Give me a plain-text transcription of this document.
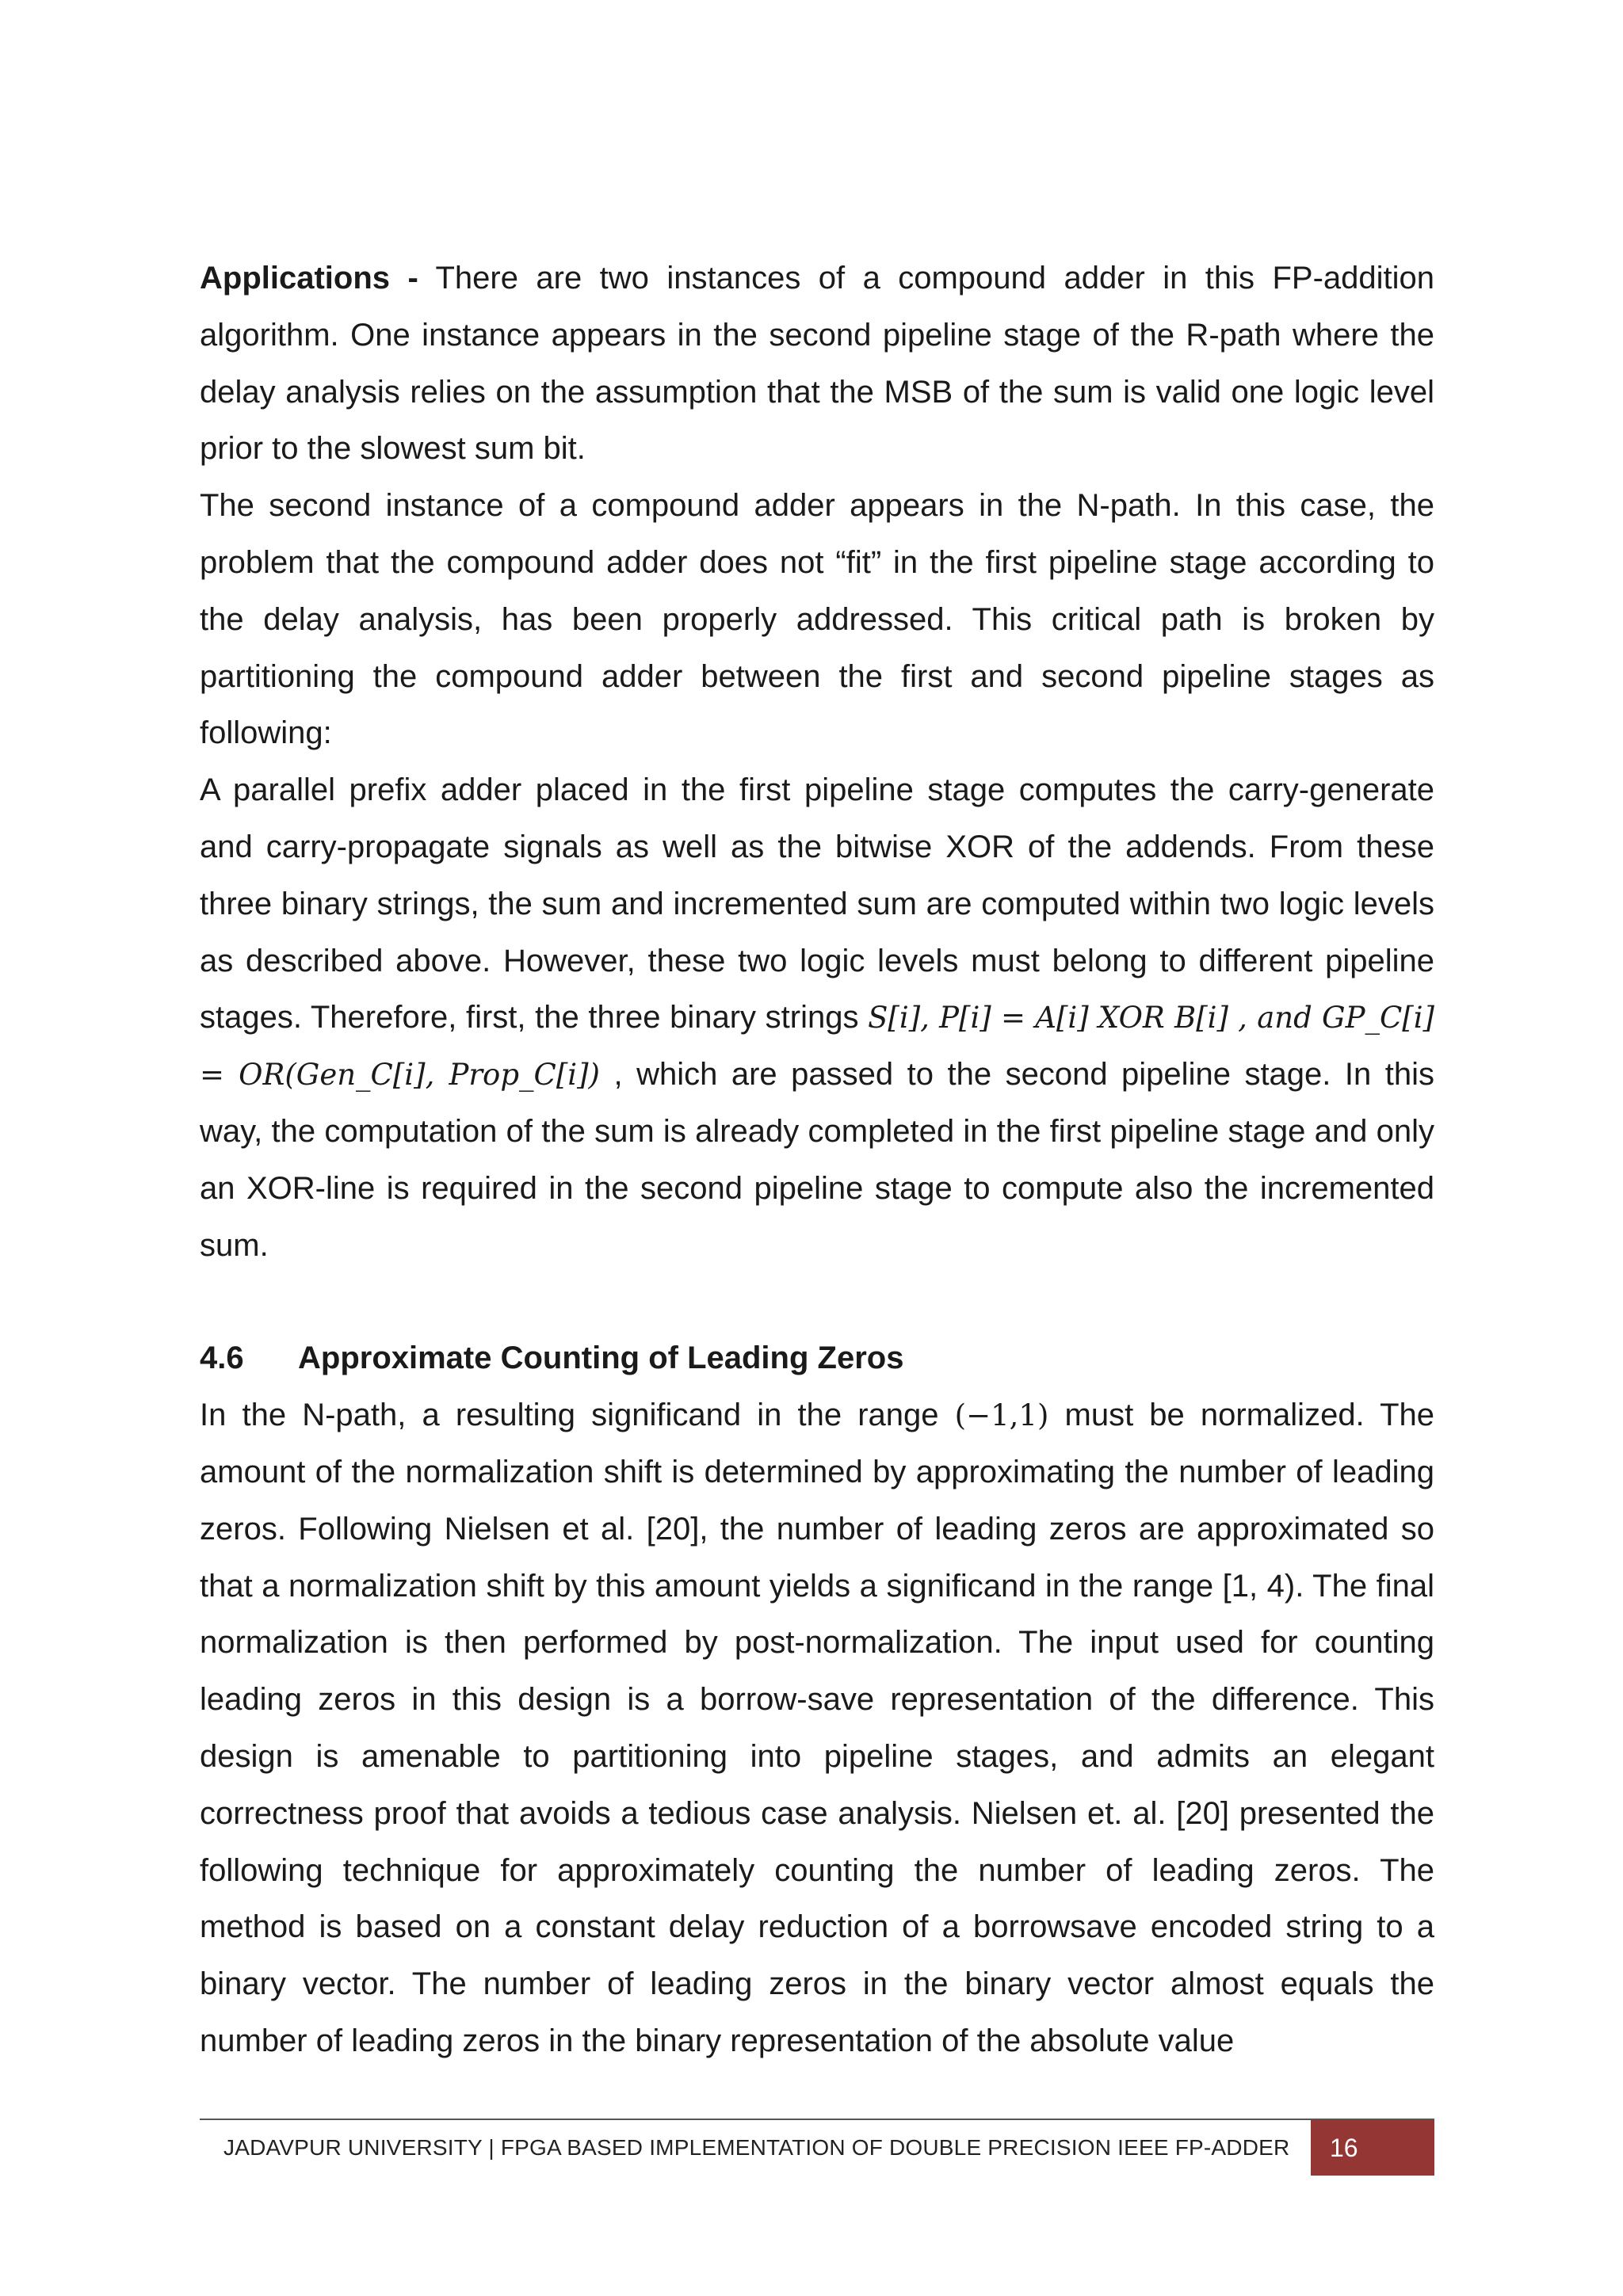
Applications - There are two instances of a compound adder in this FP-addition algorithm. One instance appears in the second pipeline stage of the R-path where the delay analysis relies on the assumption that the MSB of the sum is valid one logic level prior to the slowest sum bit.

The second instance of a compound adder appears in the N-path. In this case, the problem that the compound adder does not “fit” in the first pipeline stage according to the delay analysis, has been properly addressed. This critical path is broken by partitioning the compound adder between the first and second pipeline stages as following:

A parallel prefix adder placed in the first pipeline stage computes the carry-generate and carry-propagate signals as well as the bitwise XOR of the addends. From these three binary strings, the sum and incremented sum are computed within two logic levels as described above. However, these two logic levels must belong to different pipeline stages. Therefore, first, the three binary strings S[i], P[i] = A[i] XOR B[i] , and GP_C[i] = OR(Gen_C[i], Prop_C[i]) , which are passed to the second pipeline stage. In this way, the computation of the sum is already completed in the first pipeline stage and only an XOR-line is required in the second pipeline stage to compute also the incremented sum.

4.6 Approximate Counting of Leading Zeros

In the N-path, a resulting significand in the range (−1,1) must be normalized. The amount of the normalization shift is determined by approximating the number of leading zeros. Following Nielsen et al. [20], the number of leading zeros are approximated so that a normalization shift by this amount yields a significand in the range [1, 4). The final normalization is then performed by post-normalization. The input used for counting leading zeros in this design is a borrow-save representation of the difference. This design is amenable to partitioning into pipeline stages, and admits an elegant correctness proof that avoids a tedious case analysis. Nielsen et. al. [20] presented the following technique for approximately counting the number of leading zeros. The method is based on a constant delay reduction of a borrowsave encoded string to a binary vector. The number of leading zeros in the binary vector almost equals the number of leading zeros in the binary representation of the absolute value

JADAVPUR UNIVERSITY | FPGA BASED IMPLEMENTATION OF DOUBLE PRECISION IEEE FP-ADDER	16
